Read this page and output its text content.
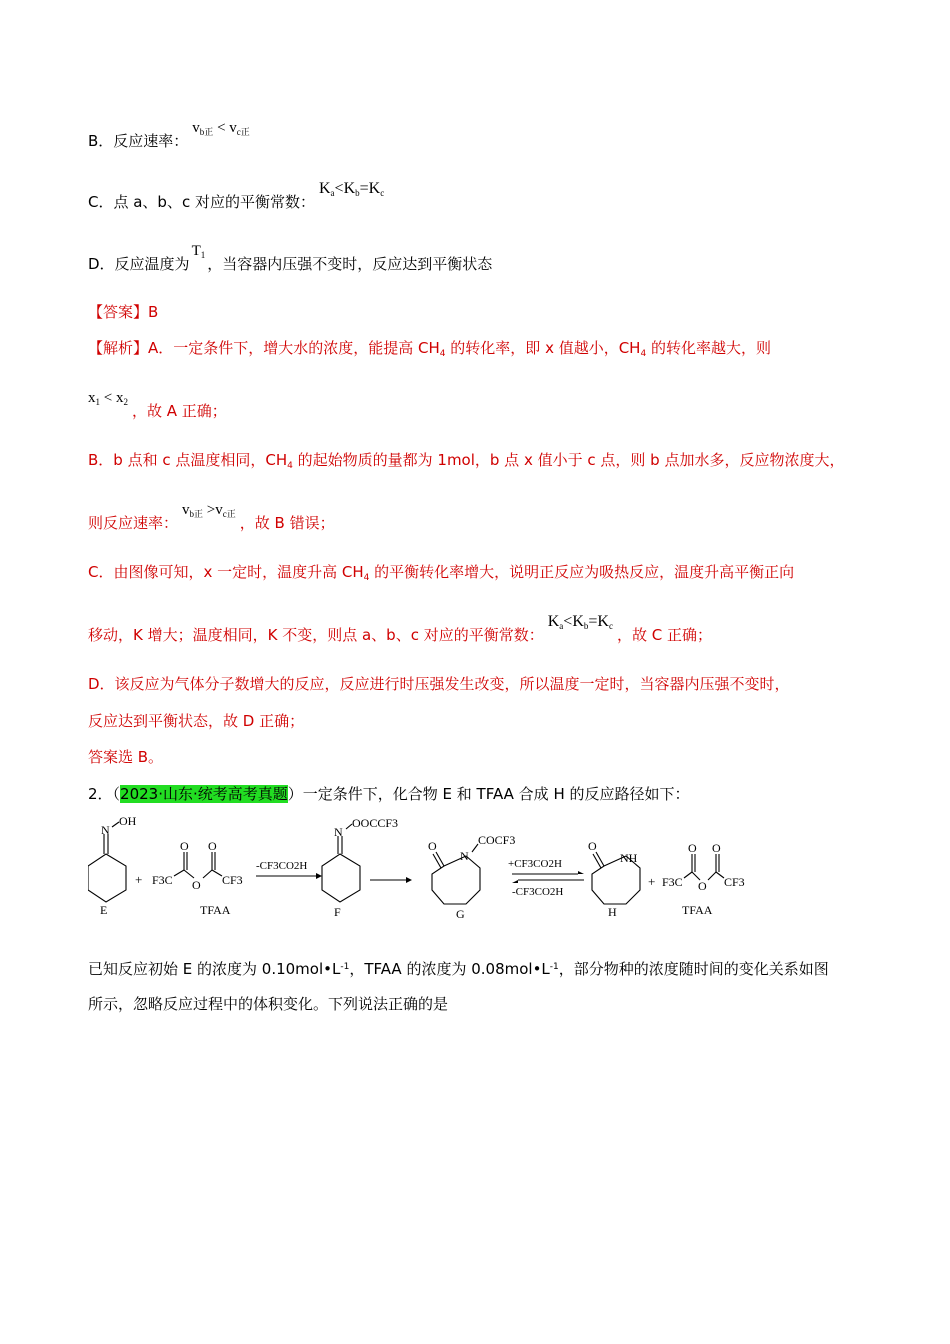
B．反应速率：$v_{b正} < v_{c正}$
C．点 a、b、c 对应的平衡常数：$K_a<K_b=K_c$
D．反应温度为$T_1$ ，当容器内压强不变时，反应达到平衡状态
【答案】B
【解析】A．一定条件下，增大水的浓度，能提高 $CH_4$ 的转化率，即 x 值越小，$CH_4$ 的转化率越大，则
$x_1 < x_2$ ，故 A 正确；
B．b 点和 c 点温度相同，$CH_4$ 的起始物质的量都为 1mol，b 点 x 值小于 c 点，则 b 点加水多，反应物浓度大，
则反应速率：$v_{b正} >v_{c正}$ ，故 B 错误；
C．由图像可知，x 一定时，温度升高 $CH_4$ 的平衡转化率增大，说明正反应为吸热反应，温度升高平衡正向
移动，K 增大；温度相同，K 不变，则点 a、b、c 对应的平衡常数：$K_a<K_b=K_c$ ，故 C 正确；
D．该反应为气体分子数增大的反应，反应进行时压强发生改变，所以温度一定时，当容器内压强不变时，
反应达到平衡状态，故 D 正确；
答案选 B。
2．（2023·山东·统考高考真题）一定条件下，化合物 E 和 TFAA 合成 H 的反应路径如下：
N
OH
E
+ F3C
O
O
O
CF3
TFAA
-CF3CO2H
N
OOCCF3
F
O
N
COCF3
G
+CF3CO2H
-CF3CO2H
O
NH
H
+ F3C
O
O
O
CF3
TFAA
已知反应初始 E 的浓度为 $0.10mol•L^{-1}$，TFAA 的浓度为 $0.08mol•L^{-1}$，部分物种的浓度随时间的变化关系如图
所示，忽略反应过程中的体积变化。下列说法正确的是
